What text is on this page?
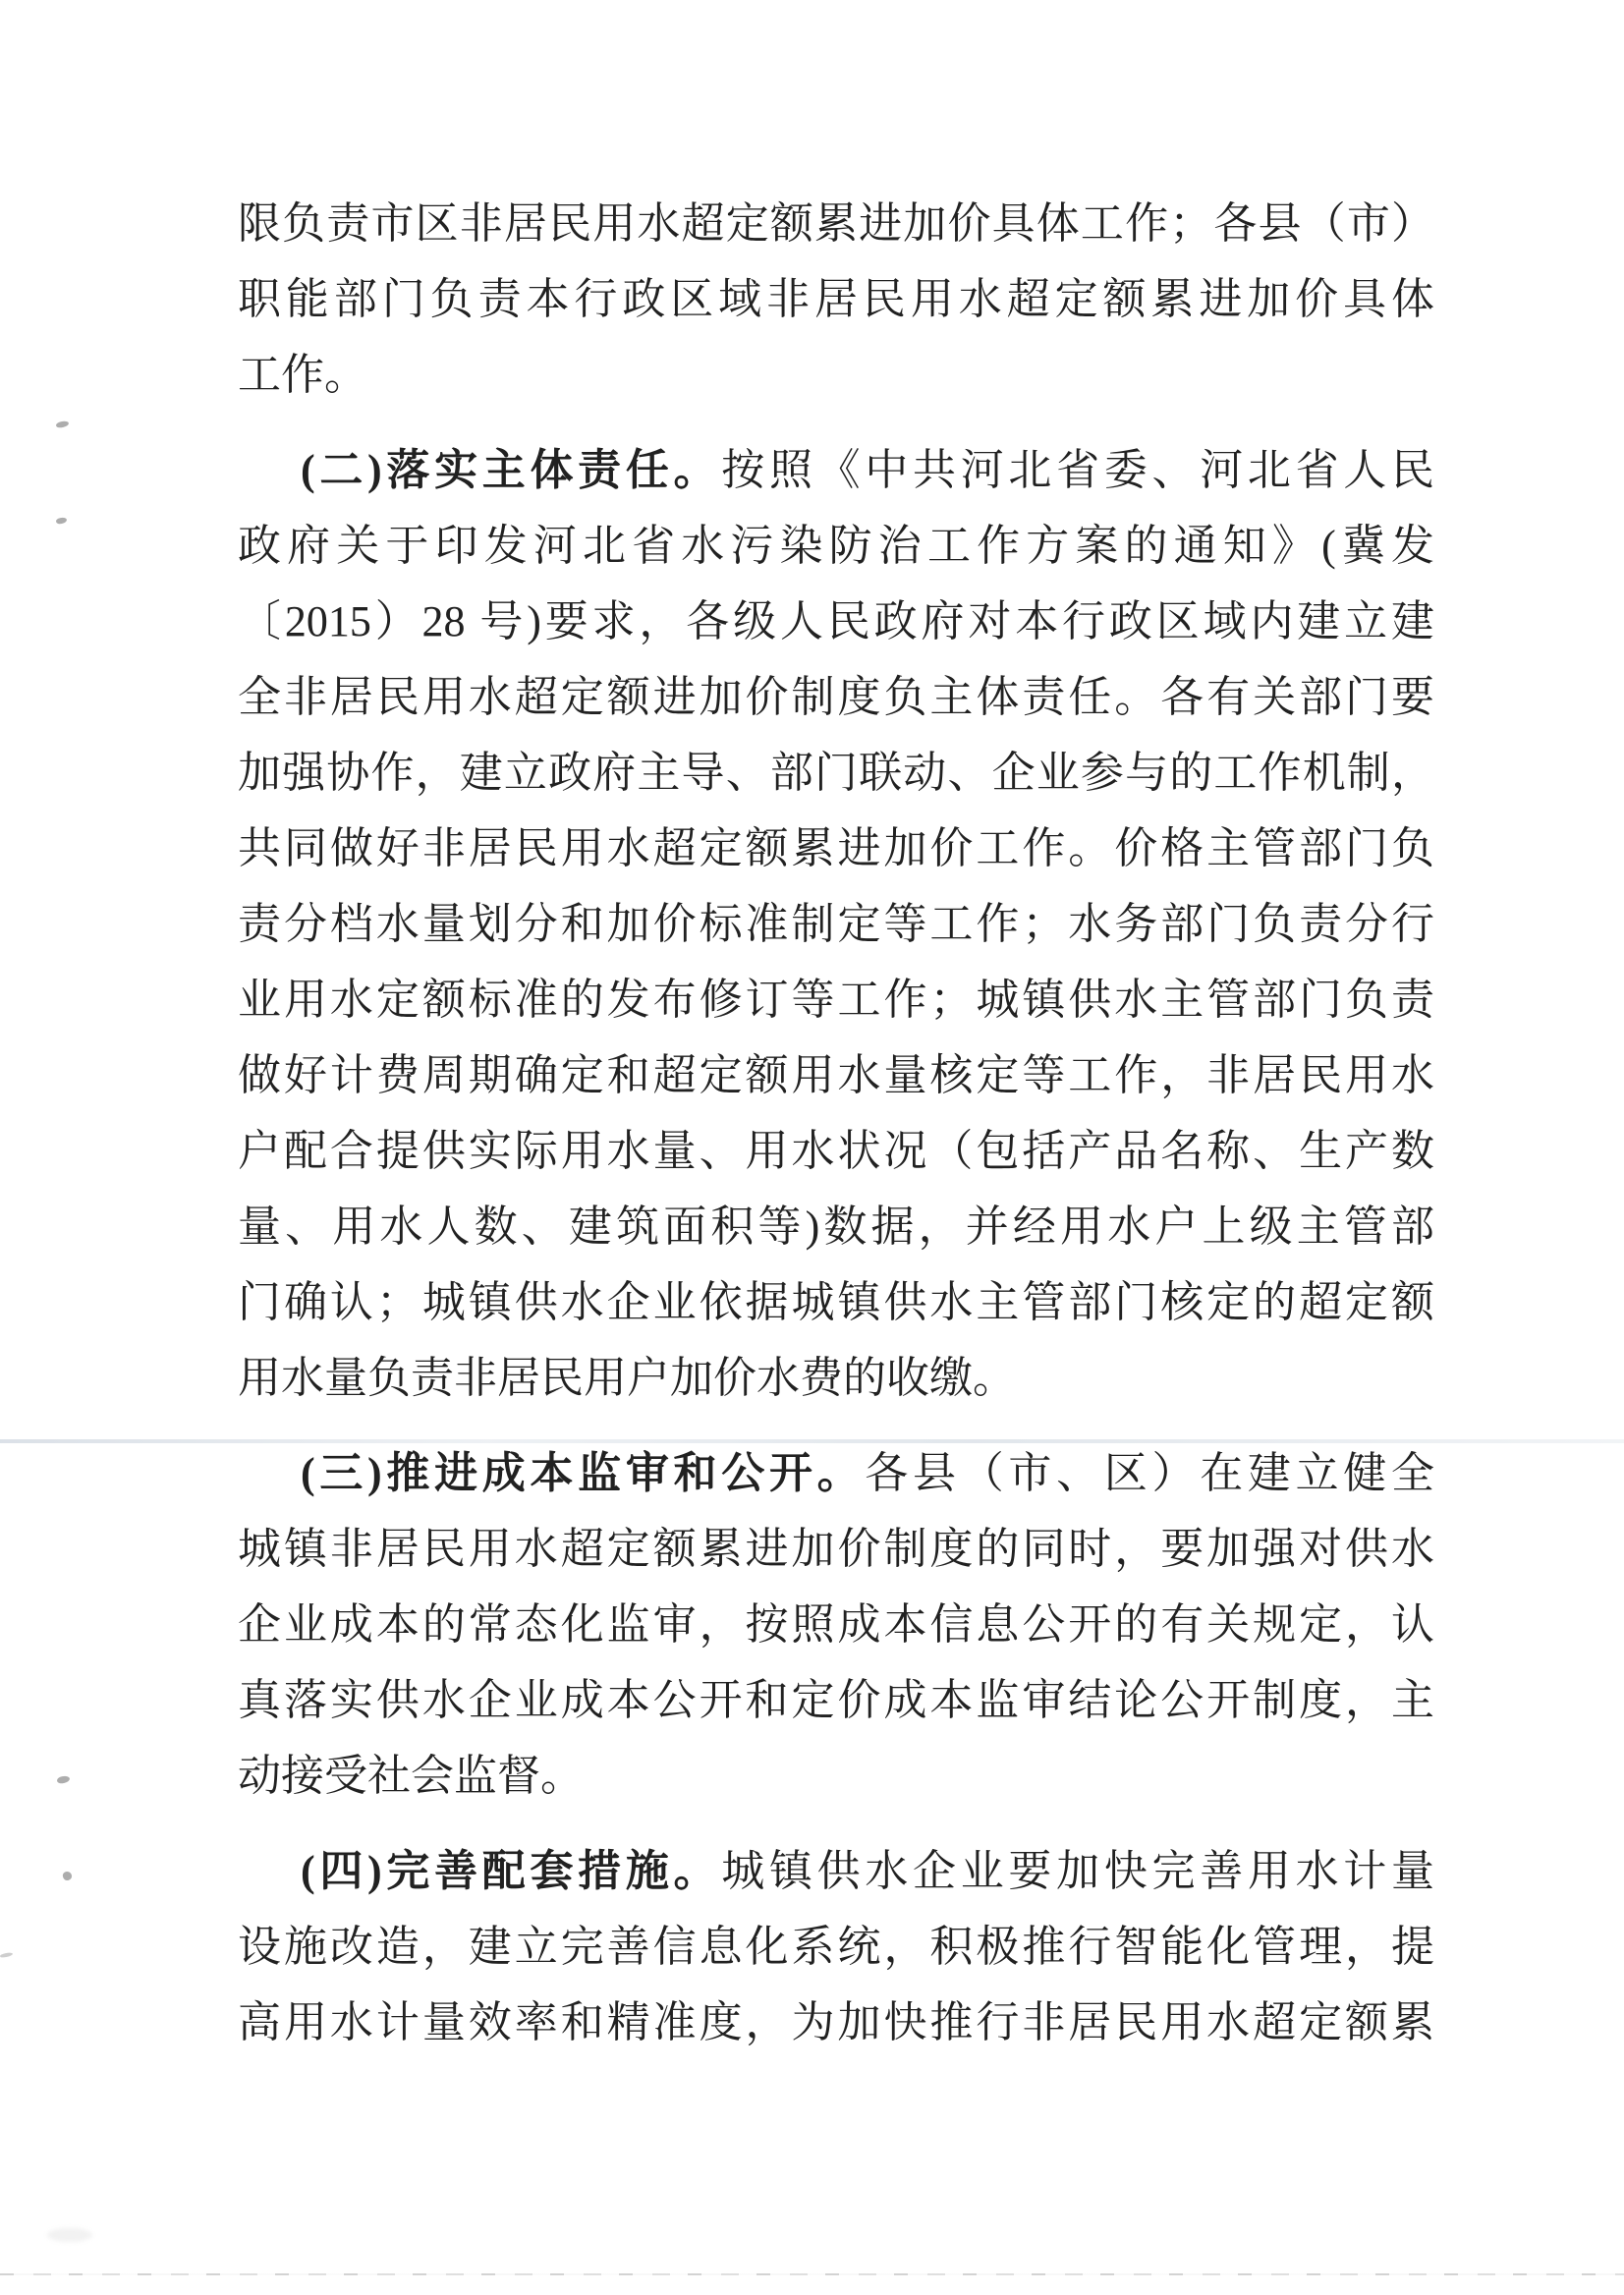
限负责市区非居民用水超定额累进加价具体工作；各县（市）
职能部门负责本行政区域非居民用水超定额累进加价具体
工作。
(二)落实主体责任。按照《中共河北省委、河北省人民
政府关于印发河北省水污染防治工作方案的通知》(冀发
〔2015）28 号)要求，各级人民政府对本行政区域内建立建
全非居民用水超定额进加价制度负主体责任。各有关部门要
加强协作，建立政府主导、部门联动、企业参与的工作机制，
共同做好非居民用水超定额累进加价工作。价格主管部门负
责分档水量划分和加价标准制定等工作；水务部门负责分行
业用水定额标准的发布修订等工作；城镇供水主管部门负责
做好计费周期确定和超定额用水量核定等工作，非居民用水
户配合提供实际用水量、用水状况（包括产品名称、生产数
量、用水人数、建筑面积等)数据，并经用水户上级主管部
门确认；城镇供水企业依据城镇供水主管部门核定的超定额
用水量负责非居民用户加价水费的收缴。
(三)推进成本监审和公开。各县（市、区）在建立健全
城镇非居民用水超定额累进加价制度的同时，要加强对供水
企业成本的常态化监审，按照成本信息公开的有关规定，认
真落实供水企业成本公开和定价成本监审结论公开制度，主
动接受社会监督。
(四)完善配套措施。城镇供水企业要加快完善用水计量
设施改造，建立完善信息化系统，积极推行智能化管理，提
高用水计量效率和精准度，为加快推行非居民用水超定额累
